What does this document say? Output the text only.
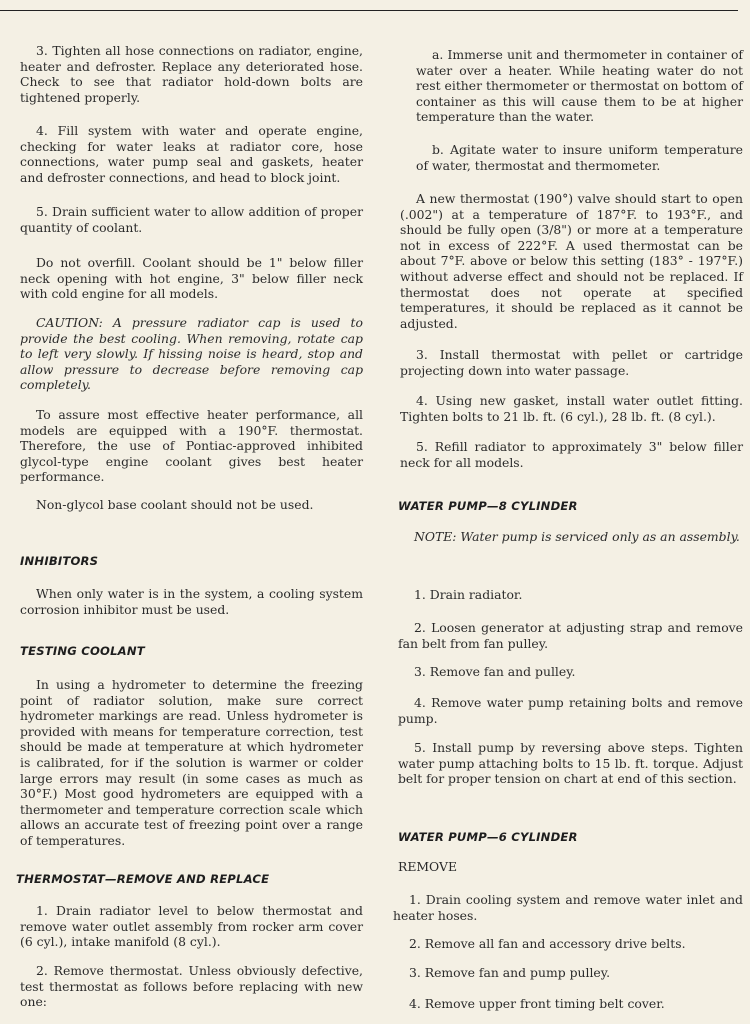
3. Tighten all hose connections on radiator, engine, heater and defroster. Replace any deteriorated hose. Check to see that radiator hold-down bolts are tightened properly.

4. Fill system with water and operate engine, checking for water leaks at radiator core, hose connections, water pump seal and gaskets, heater and defroster connections, and head to block joint.

5. Drain sufficient water to allow addition of proper quantity of coolant.

Do not overfill. Coolant should be 1" below filler neck opening with hot engine, 3" below filler neck with cold engine for all models.

CAUTION: A pressure radiator cap is used to provide the best cooling. When removing, rotate cap to left very slowly. If hissing noise is heard, stop and allow pressure to decrease before removing cap completely.

To assure most effective heater performance, all models are equipped with a 190°F. thermostat. Therefore, the use of Pontiac-approved inhibited glycol-type engine coolant gives best heater performance.

Non-glycol base coolant should not be used.

INHIBITORS

When only water is in the system, a cooling system corrosion inhibitor must be used.

TESTING COOLANT

In using a hydrometer to determine the freezing point of radiator solution, make sure correct hydrometer markings are read. Unless hydrometer is provided with means for temperature correction, test should be made at temperature at which hydrometer is calibrated, for if the solution is warmer or colder large errors may result (in some cases as much as 30°F.) Most good hydrometers are equipped with a thermometer and temperature correction scale which allows an accurate test of freezing point over a range of temperatures.

THERMOSTAT—REMOVE AND REPLACE

1. Drain radiator level to below thermostat and remove water outlet assembly from rocker arm cover (6 cyl.), intake manifold (8 cyl.).

2. Remove thermostat. Unless obviously defective, test thermostat as follows before replacing with new one:

a. Immerse unit and thermometer in container of water over a heater. While heating water do not rest either thermometer or thermostat on bottom of container as this will cause them to be at higher temperature than the water.

b. Agitate water to insure uniform temperature of water, thermostat and thermometer.

A new thermostat (190°) valve should start to open (.002") at a temperature of 187°F. to 193°F., and should be fully open (3/8") or more at a temperature not in excess of 222°F. A used thermostat can be about 7°F. above or below this setting (183° - 197°F.) without adverse effect and should not be replaced. If thermostat does not operate at specified temperatures, it should be replaced as it cannot be adjusted.

3. Install thermostat with pellet or cartridge projecting down into water passage.

4. Using new gasket, install water outlet fitting. Tighten bolts to 21 lb. ft. (6 cyl.), 28 lb. ft. (8 cyl.).

5. Refill radiator to approximately 3" below filler neck for all models.

WATER PUMP—8 CYLINDER

NOTE: Water pump is serviced only as an assembly.

1. Drain radiator.

2. Loosen generator at adjusting strap and remove fan belt from fan pulley.

3. Remove fan and pulley.

4. Remove water pump retaining bolts and remove pump.

5. Install pump by reversing above steps. Tighten water pump attaching bolts to 15 lb. ft. torque. Adjust belt for proper tension on chart at end of this section.

WATER PUMP—6 CYLINDER

REMOVE

1. Drain cooling system and remove water inlet and heater hoses.

2. Remove all fan and accessory drive belts.

3. Remove fan and pump pulley.

4. Remove upper front timing belt cover.
